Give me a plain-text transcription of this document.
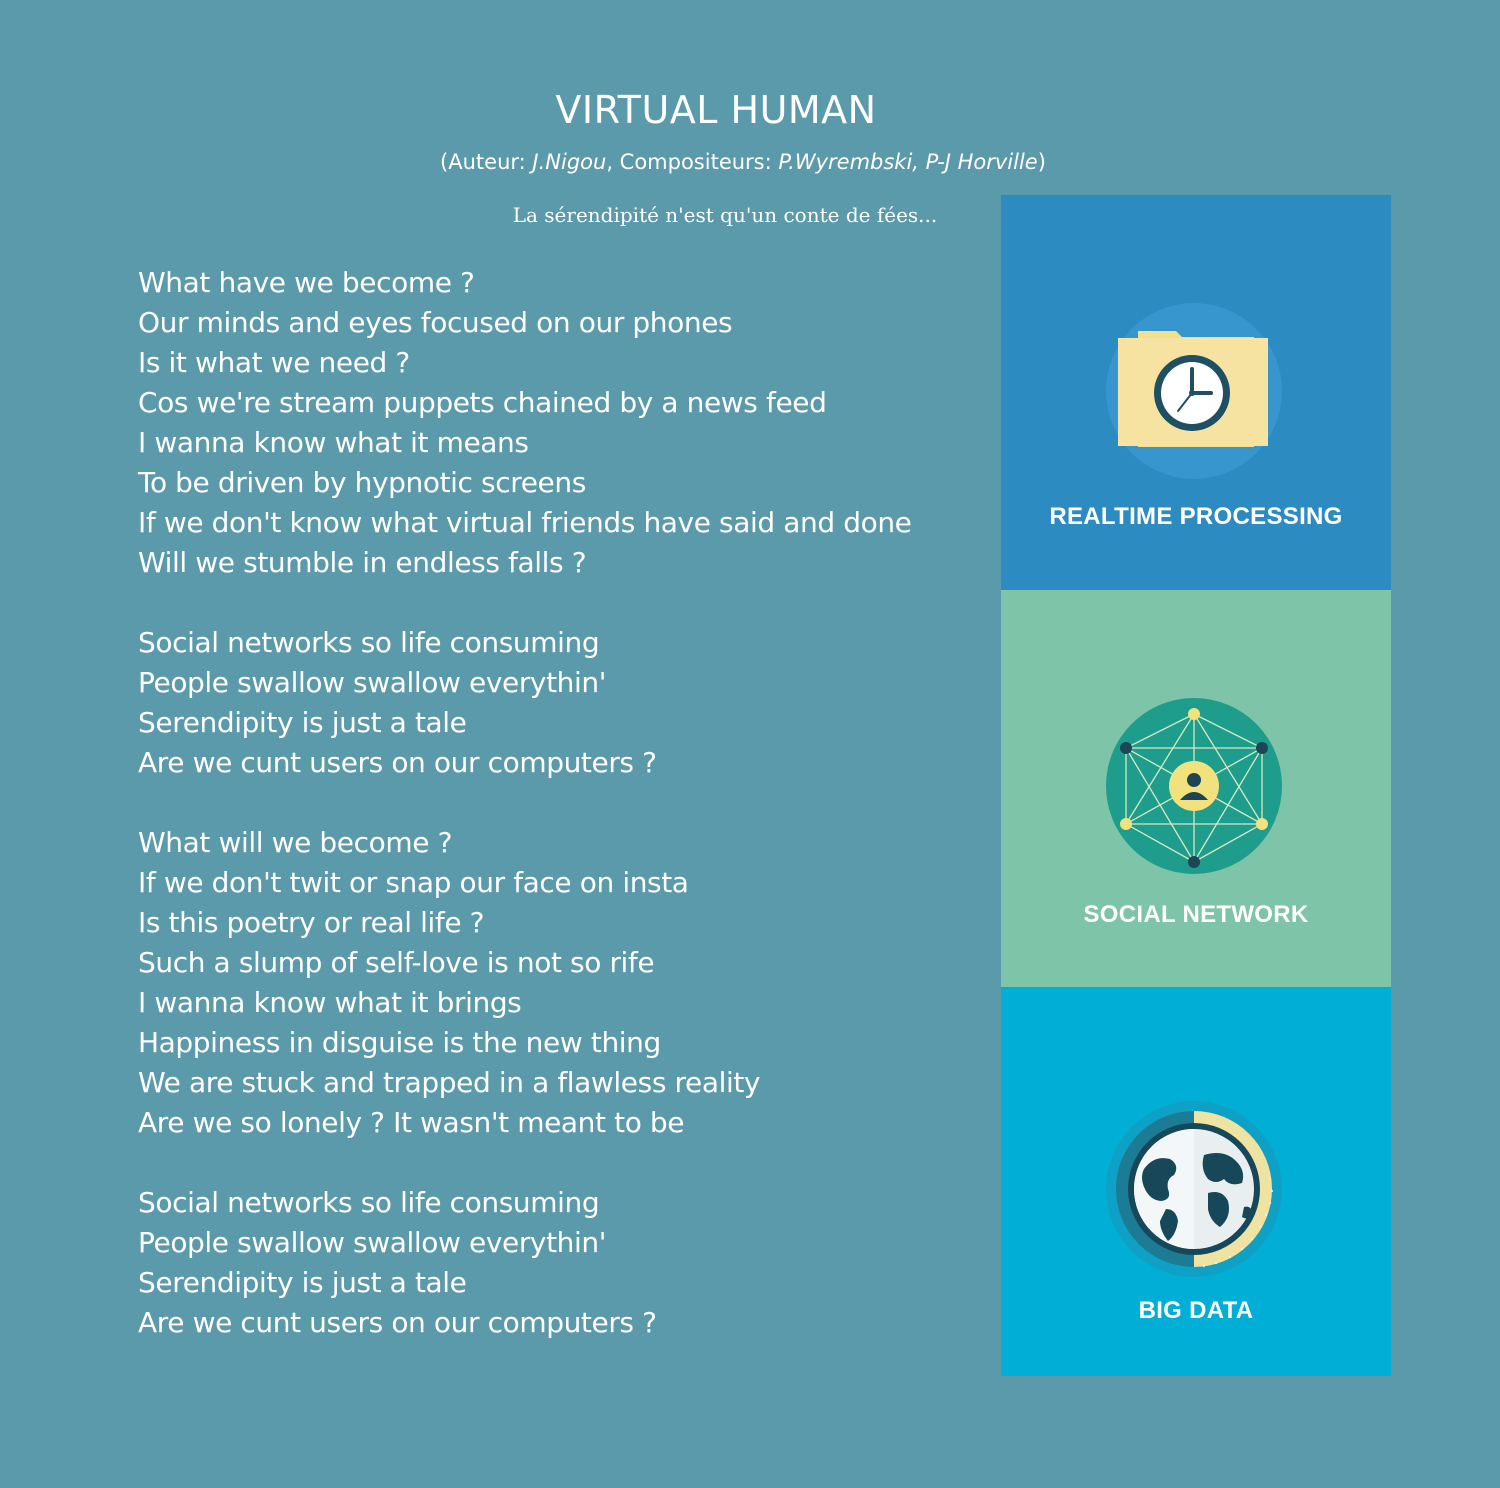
VIRTUAL HUMAN
(Auteur: J.Nigou, Compositeurs: P.Wyrembski, P-J Horville)
La sérendipité n'est qu'un conte de fées...
What have we become ?
Our minds and eyes focused on our phones
Is it what we need ?
Cos we're stream puppets chained by a news feed
I wanna know what it means
To be driven by hypnotic screens
If we don't know what virtual friends have said and done
Will we stumble in endless falls ?
Social networks so life consuming
People swallow swallow everythin'
Serendipity is just a tale
Are we cunt users on our computers ?
What will we become ?
If we don't twit or snap our face on insta
Is this poetry or real life ?
Such a slump of self-love is not so rife
I wanna know what it brings
Happiness in disguise is the new thing
We are stuck and trapped in a flawless reality
Are we so lonely ? It wasn't meant to be
Social networks so life consuming
People swallow swallow everythin'
Serendipity is just a tale
Are we cunt users on our computers ?
REALTIME PROCESSING
SOCIAL NETWORK
BIG DATA
